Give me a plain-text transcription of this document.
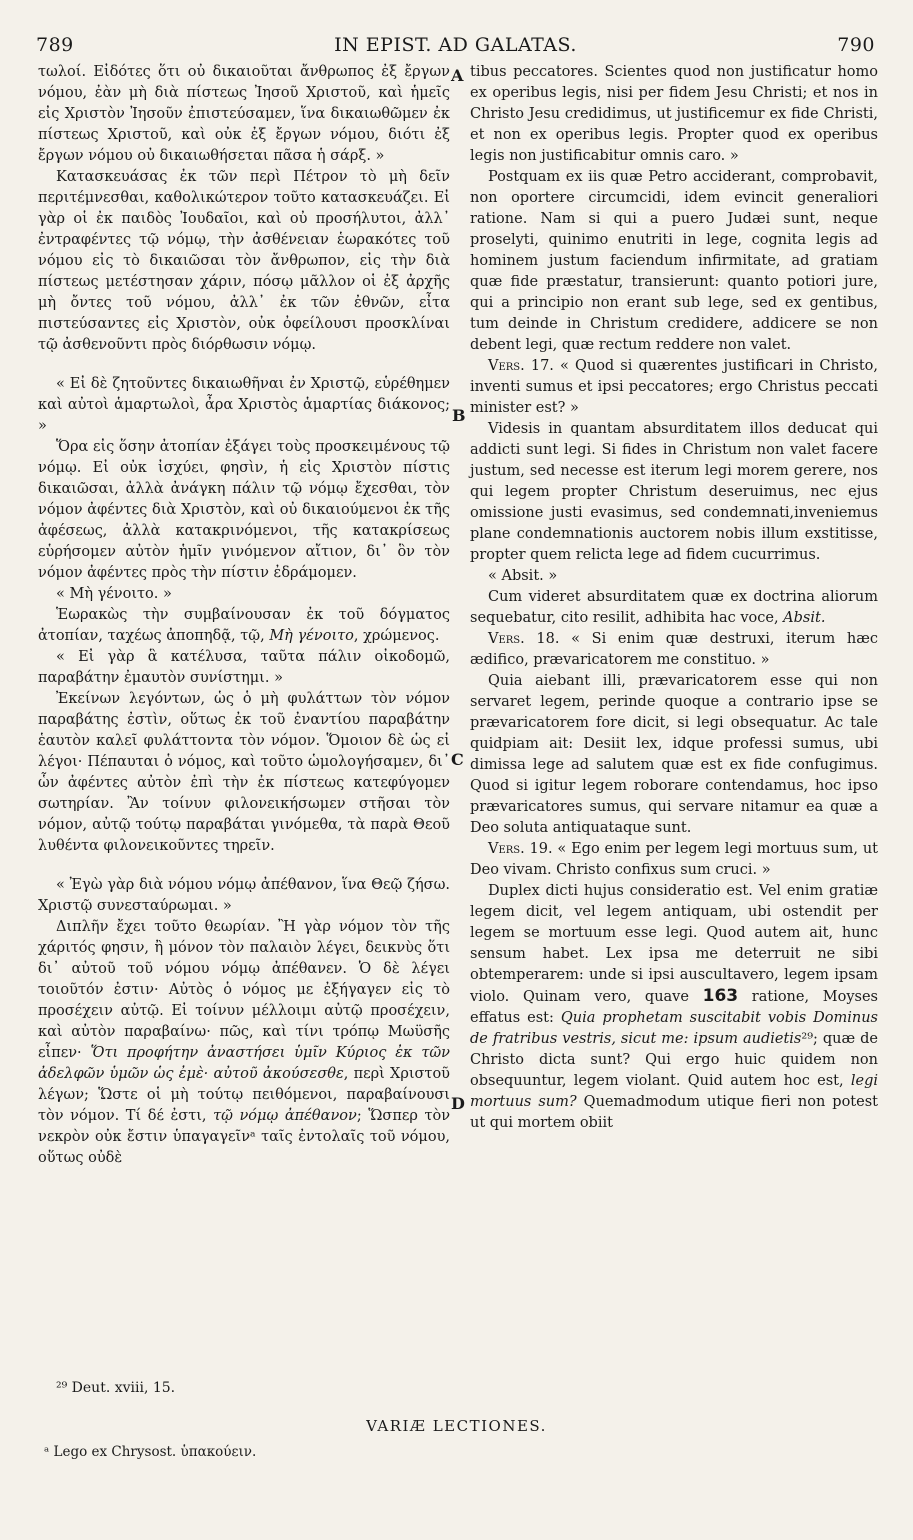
789	IN EPIST. AD GALATAS.	790
A
B
C
D

τωλοί. Εἰδότες ὅτι οὐ δικαιοῦται ἄνθρωπος ἐξ ἔργων νόμου, ἐὰν μὴ διὰ πίστεως Ἰησοῦ Χριστοῦ, καὶ ἡμεῖς εἰς Χριστὸν Ἰησοῦν ἐπιστεύσαμεν, ἵνα δικαιωθῶμεν ἐκ πίστεως Χριστοῦ, καὶ οὐκ ἐξ ἔργων νόμου, διότι ἐξ ἔργων νόμου οὐ δικαιωθήσεται πᾶσα ἡ σάρξ. »

Κατασκευάσας ἐκ τῶν περὶ Πέτρον τὸ μὴ δεῖν περιτέμνεσθαι, καθολικώτερον τοῦτο κατασκευάζει. Εἰ γὰρ οἱ ἐκ παιδὸς Ἰουδαῖοι, καὶ οὐ προσήλυτοι, ἀλλ᾽ ἐντραφέντες τῷ νόμῳ, τὴν ἀσθένειαν ἑωρακότες τοῦ νόμου εἰς τὸ δικαιῶσαι τὸν ἄνθρωπον, εἰς τὴν διὰ πίστεως μετέστησαν χάριν, πόσῳ μᾶλλον οἱ ἐξ ἀρχῆς μὴ ὄντες τοῦ νόμου, ἀλλ᾽ ἐκ τῶν ἐθνῶν, εἶτα πιστεύσαντες εἰς Χριστὸν, οὐκ ὀφείλουσι προσκλίναι τῷ ἀσθενοῦντι πρὸς διόρθωσιν νόμῳ.

« Εἰ δὲ ζητοῦντες δικαιωθῆναι ἐν Χριστῷ, εὑρέθημεν καὶ αὐτοὶ ἁμαρτωλοὶ, ἆρα Χριστὸς ἁμαρτίας διάκονος; »

Ὅρα εἰς ὅσην ἀτοπίαν ἐξάγει τοὺς προσκειμένους τῷ νόμῳ. Εἰ οὐκ ἰσχύει, φησὶν, ἡ εἰς Χριστὸν πίστις δικαιῶσαι, ἀλλὰ ἀνάγκη πάλιν τῷ νόμῳ ἔχεσθαι, τὸν νόμον ἀφέντες διὰ Χριστὸν, καὶ οὐ δικαιούμενοι ἐκ τῆς ἀφέσεως, ἀλλὰ κατακρινόμενοι, τῆς κατακρίσεως εὑρήσομεν αὐτὸν ἡμῖν γινόμενον αἴτιον, δι᾽ ὃν τὸν νόμον ἀφέντες πρὸς τὴν πίστιν ἐδράμομεν.

« Μὴ γένοιτο. »

Ἑωρακὼς τὴν συμβαίνουσαν ἐκ τοῦ δόγματος ἀτοπίαν, ταχέως ἀποπηδᾷ, τῷ, Μὴ γένοιτο, χρώμενος.

« Εἰ γὰρ ἃ κατέλυσα, ταῦτα πάλιν οἰκοδομῶ, παραβάτην ἐμαυτὸν συνίστημι. »

Ἐκείνων λεγόντων, ὡς ὁ μὴ φυλάττων τὸν νόμον παραβάτης ἐστὶν, οὕτως ἐκ τοῦ ἐναντίου παραβάτην ἑαυτὸν καλεῖ φυλάττοντα τὸν νόμον. Ὅμοιον δὲ ὡς εἰ λέγοι· Πέπαυται ὁ νόμος, καὶ τοῦτο ὡμολογήσαμεν, δι᾽ ὧν ἀφέντες αὐτὸν ἐπὶ τὴν ἐκ πίστεως κατεφύγομεν σωτηρίαν. Ἂν τοίνυν φιλονεικήσωμεν στῆσαι τὸν νόμον, αὐτῷ τούτῳ παραβάται γινόμεθα, τὰ παρὰ Θεοῦ λυθέντα φιλονεικοῦντες τηρεῖν.

« Ἐγὼ γὰρ διὰ νόμου νόμῳ ἀπέθανον, ἵνα Θεῷ ζήσω. Χριστῷ συνεσταύρωμαι. »

Διπλῆν ἔχει τοῦτο θεωρίαν. Ἢ γὰρ νόμον τὸν τῆς χάριτός φησιν, ἢ μόνον τὸν παλαιὸν λέγει, δεικνὺς ὅτι δι᾽ αὐτοῦ τοῦ νόμου νόμῳ ἀπέθανεν. Ὁ δὲ λέγει τοιοῦτόν ἐστιν· Αὐτὸς ὁ νόμος με ἐξήγαγεν εἰς τὸ προσέχειν αὐτῷ. Εἰ τοίνυν μέλλοιμι αὐτῷ προσέχειν, καὶ αὐτὸν παραβαίνω· πῶς, καὶ τίνι τρόπῳ Μωϋσῆς εἶπεν· Ὅτι προφήτην ἀναστήσει ὑμῖν Κύριος ἐκ τῶν ἀδελφῶν ὑμῶν ὡς ἐμὲ· αὐτοῦ ἀκούσεσθε, περὶ Χριστοῦ λέγων; Ὥστε οἱ μὴ τούτῳ πειθόμενοι, παραβαίνουσι τὸν νόμον. Τί δέ ἐστι, τῷ νόμῳ ἀπέθανον; Ὥσπερ τὸν νεκρὸν οὐκ ἔστιν ὑπαγαγεῖνᵃ ταῖς ἐντολαῖς τοῦ νόμου, οὕτως οὐδὲ

tibus peccatores. Scientes quod non justificatur homo ex operibus legis, nisi per fidem Jesu Christi; et nos in Christo Jesu credidimus, ut justificemur ex fide Christi, et non ex operibus legis. Propter quod ex operibus legis non justificabitur omnis caro. »

Postquam ex iis quæ Petro acciderant, comprobavit, non oportere circumcidi, idem evincit generaliori ratione. Nam si qui a puero Judæi sunt, neque proselyti, quinimo enutriti in lege, cognita legis ad hominem justum faciendum infirmitate, ad gratiam quæ fide præstatur, transierunt: quanto potiori jure, qui a principio non erant sub lege, sed ex gentibus, tum deinde in Christum credidere, addicere se non debent legi, quæ rectum reddere non valet.

Vers. 17. « Quod si quærentes justificari in Christo, inventi sumus et ipsi peccatores; ergo Christus peccati minister est? »

Videsis in quantam absurditatem illos deducat qui addicti sunt legi. Si fides in Christum non valet facere justum, sed necesse est iterum legi morem gerere, nos qui legem propter Christum deseruimus, nec ejus omissione justi evasimus, sed condemnati,inveniemus plane condemnationis auctorem nobis illum exstitisse, propter quem relicta lege ad fidem cucurrimus.

« Absit. »

Cum videret absurditatem quæ ex doctrina aliorum sequebatur, cito resilit, adhibita hac voce, Absit.

Vers. 18. « Si enim quæ destruxi, iterum hæc ædifico, prævaricatorem me constituo. »

Quia aiebant illi, prævaricatorem esse qui non servaret legem, perinde quoque a contrario ipse se prævaricatorem fore dicit, si legi obsequatur. Ac tale quidpiam ait: Desiit lex, idque professi sumus, ubi dimissa lege ad salutem quæ est ex fide confugimus. Quod si igitur legem roborare contendamus, hoc ipso prævaricatores sumus, qui servare nitamur ea quæ a Deo soluta antiquataque sunt.

Vers. 19. « Ego enim per legem legi mortuus sum, ut Deo vivam. Christo confixus sum cruci. »

Duplex dicti hujus consideratio est. Vel enim gratiæ legem dicit, vel legem antiquam, ubi ostendit per legem se mortuum esse legi. Quod autem ait, hunc sensum habet. Lex ipsa me deterruit ne sibi obtemperarem: unde si ipsi auscultavero, legem ipsam violo. Quinam vero, quave 163 ratione, Moyses effatus est: Quia prophetam suscitabit vobis Dominus de fratribus vestris, sicut me: ipsum audietis²⁹; quæ de Christo dicta sunt? Qui ergo huic quidem non obsequuntur, legem violant. Quid autem hoc est, legi mortuus sum? Quemadmodum utique fieri non potest ut qui mortem obiit

²⁹ Deut. xviii, 15.
VARIÆ LECTIONES.
ᵃ Lego ex Chrysost. ὑπακούειν.
